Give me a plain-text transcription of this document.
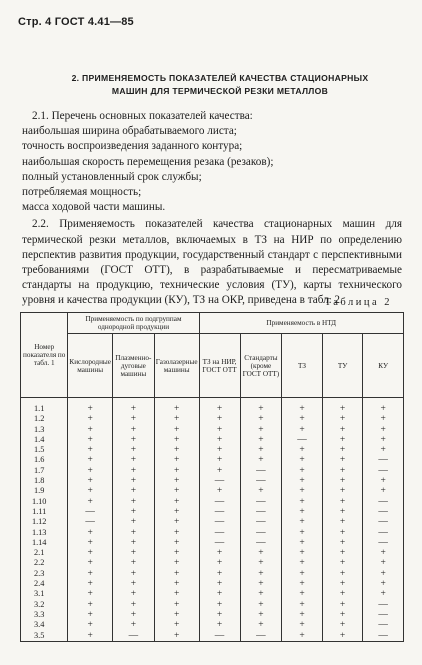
Стр. 4 ГОСТ 4.41—85
2. ПРИМЕНЯЕМОСТЬ ПОКАЗАТЕЛЕЙ КАЧЕСТВА СТАЦИОНАРНЫХ
МАШИН ДЛЯ ТЕРМИЧЕСКОЙ РЕЗКИ МЕТАЛЛОВ

2.1. Перечень основных показателей качества:

наибольшая ширина обрабатываемого листа;

точность воспроизведения заданного контура;

наибольшая скорость перемещения резака (резаков);

полный установленный срок службы;

потребляемая мощность;

масса ходовой части машины.

2.2. Применяемость показателей качества стационарных машин для термической резки металлов, включаемых в ТЗ на НИР по определению перспектив развития продукции, государственный стандарт с перспективными требованиями (ГОСТ ОТТ), в разрабатываемые и пересматриваемые стандарты на продукцию, технические условия (ТУ), карты технического уровня и качества продукции (КУ), ТЗ на ОКР, приведена в табл. 2.

Таблица 2
Номер показателя по табл. 1	Применяемость по подгруппам однородной продукции			Применяемость в НТД				
	Кислородные машины	Плазменно-дуговые машины	Газолазерные машины	ТЗ на НИР, ГОСТ ОТТ	Стандарты (кроме ГОСТ ОТТ)	ТЗ	ТУ	КУ
1.1	+	+	+	+	+	+	+	+
1.2	+	+	+	+	+	+	+	+
1.3	+	+	+	+	+	+	+	+
1.4	+	+	+	+	+	—	+	+
1.5	+	+	+	+	+	+	+	+
1.6	+	+	+	+	+	+	+	—
1.7	+	+	+	+	—	+	+	—
1.8	+	+	+	—	—	+	+	+
1.9	+	+	+	+	+	+	+	+
1.10	+	+	+	—	—	+	+	—
1.11	—	+	+	—	—	+	+	—
1.12	—	+	+	—	—	+	+	—
1.13	+	+	+	—	—	+	+	—
1.14	+	+	+	—	—	+	+	—
2.1	+	+	+	+	+	+	+	+
2.2	+	+	+	+	+	+	+	+
2.3	+	+	+	+	+	+	+	+
2.4	+	+	+	+	+	+	+	+
3.1	+	+	+	+	+	+	+	+
3.2	+	+	+	+	+	+	+	—
3.3	+	+	+	+	+	+	+	—
3.4	+	+	+	+	+	+	+	—
3.5	+	—	+	—	—	+	+	—
